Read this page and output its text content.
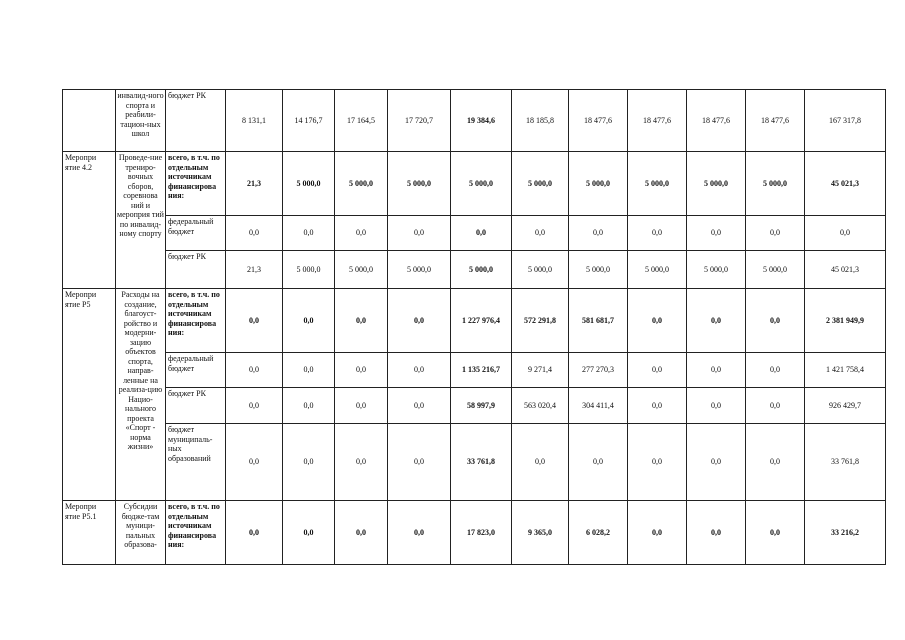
	инвалид-ного спорта и реабили-тацион-ных школ	бюджет РК	8 131,1	14 176,7	17 164,5	17 720,7	19 384,6	18 185,8	18 477,6	18 477,6	18 477,6	18 477,6	167 317,8
Меропри ятие 4.2	Проведе-ние трениро-вочных сборов, соревнова ний и мероприя тий по инвалид-ному спорту	всего, в т.ч. по отдельным источникам финансирова ния:	21,3	5 000,0	5 000,0	5 000,0	5 000,0	5 000,0	5 000,0	5 000,0	5 000,0	5 000,0	45 021,3
		федеральный бюджет	0,0	0,0	0,0	0,0	0,0	0,0	0,0	0,0	0,0	0,0	0,0
		бюджет РК	21,3	5 000,0	5 000,0	5 000,0	5 000,0	5 000,0	5 000,0	5 000,0	5 000,0	5 000,0	45 021,3
Меропри ятие Р5	Расходы на создание, благоуст-ройство и модерни-зацию объектов спорта, направ-ленные на реализа-цию Нацио-нального проекта «Спорт - норма жизни»	всего, в т.ч. по отдельным источникам финансирова ния:	0,0	0,0	0,0	0,0	1 227 976,4	572 291,8	581 681,7	0,0	0,0	0,0	2 381 949,9
		федеральный бюджет	0,0	0,0	0,0	0,0	1 135 216,7	9 271,4	277 270,3	0,0	0,0	0,0	1 421 758,4
		бюджет РК	0,0	0,0	0,0	0,0	58 997,9	563 020,4	304 411,4	0,0	0,0	0,0	926 429,7
		бюджет муниципаль-ных образований	0,0	0,0	0,0	0,0	33 761,8	0,0	0,0	0,0	0,0	0,0	33 761,8
Меропри ятие Р5.1	Субсидии бюдже-там муници-пальных образова-	всего, в т.ч. по отдельным источникам финансирова ния:	0,0	0,0	0,0	0,0	17 823,0	9 365,0	6 028,2	0,0	0,0	0,0	33 216,2
